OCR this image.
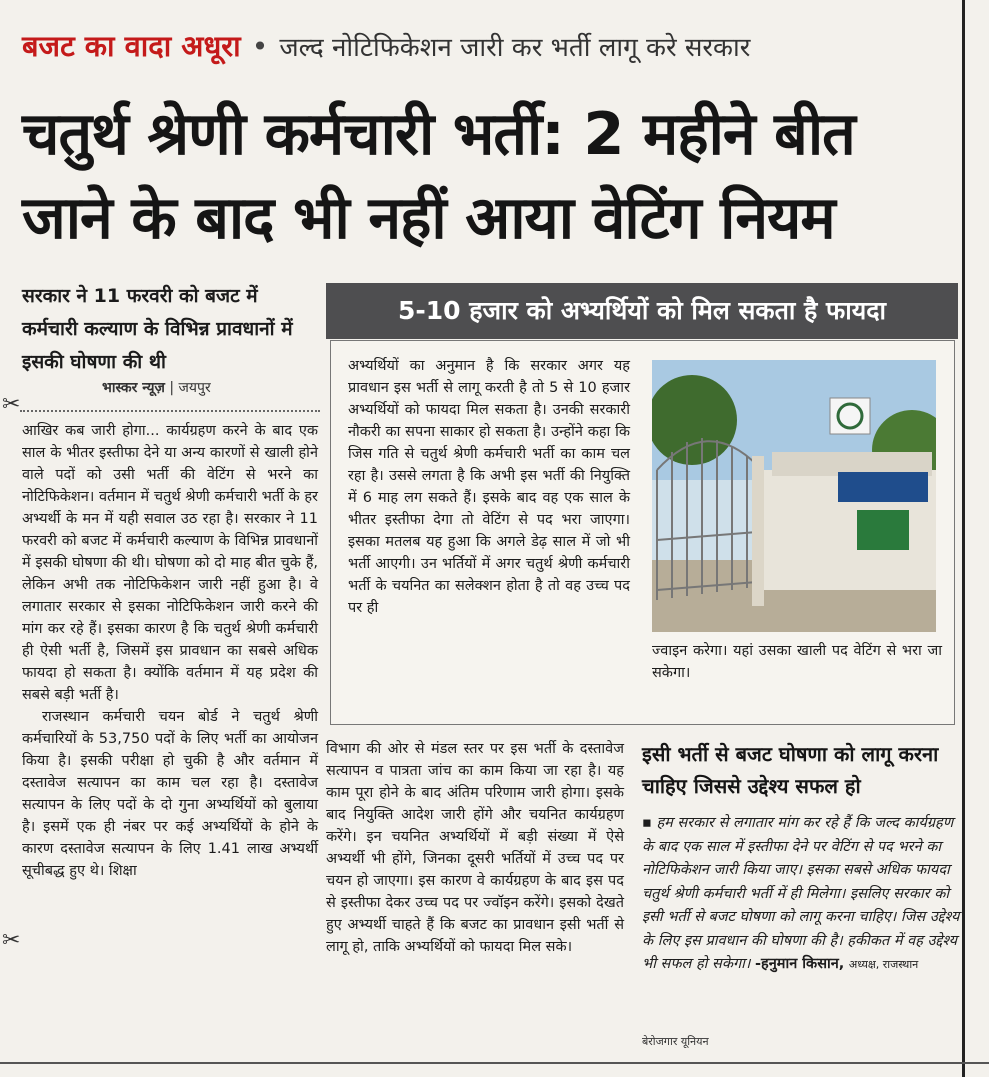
बजट का वादा अधूरा • जल्द नोटिफिकेशन जारी कर भर्ती लागू करे सरकार
चतुर्थ श्रेणी कर्मचारी भर्ती: 2 महीने बीत
जाने के बाद भी नहीं आया वेटिंग नियम
सरकार ने 11 फरवरी को बजट में कर्मचारी कल्याण के विभिन्न प्रावधानों में इसकी घोषणा की थी
भास्कर न्यूज़ | जयपुर

आखिर कब जारी होगा... कार्यग्रहण करने के बाद एक साल के भीतर इस्तीफा देने या अन्य कारणों से खाली होने वाले पदों को उसी भर्ती की वेटिंग से भरने का नोटिफिकेशन। वर्तमान में चतुर्थ श्रेणी कर्मचारी भर्ती के हर अभ्यर्थी के मन में यही सवाल उठ रहा है। सरकार ने 11 फरवरी को बजट में कर्मचारी कल्याण के विभिन्न प्रावधानों में इसकी घोषणा की थी। घोषणा को दो माह बीत चुके हैं, लेकिन अभी तक नोटिफिकेशन जारी नहीं हुआ है। वे लगातार सरकार से इसका नोटिफिकेशन जारी करने की मांग कर रहे हैं। इसका कारण है कि चतुर्थ श्रेणी कर्मचारी ही ऐसी भर्ती है, जिसमें इस प्रावधान का सबसे अधिक फायदा हो सकता है। क्योंकि वर्तमान में यह प्रदेश की सबसे बड़ी भर्ती है।

राजस्थान कर्मचारी चयन बोर्ड ने चतुर्थ श्रेणी कर्मचारियों के 53,750 पदों के लिए भर्ती का आयोजन किया है। इसकी परीक्षा हो चुकी है और वर्तमान में दस्तावेज सत्यापन का काम चल रहा है। दस्तावेज सत्यापन के लिए पदों के दो गुना अभ्यर्थियों को बुलाया है। इसमें एक ही नंबर पर कई अभ्यर्थियों के होने के कारण दस्तावेज सत्यापन के लिए 1.41 लाख अभ्यर्थी सूचीबद्ध हुए थे। शिक्षा

विभाग की ओर से मंडल स्तर पर इस भर्ती के दस्तावेज सत्यापन व पात्रता जांच का काम किया जा रहा है। यह काम पूरा होने के बाद अंतिम परिणाम जारी होगा। इसके बाद नियुक्ति आदेश जारी होंगे और चयनित कार्यग्रहण करेंगे। इन चयनित अभ्यर्थियों में बड़ी संख्या में ऐसे अभ्यर्थी भी होंगे, जिनका दूसरी भर्तियों में उच्च पद पर चयन हो जाएगा। इस कारण वे कार्यग्रहण के बाद इस पद से इस्तीफा देकर उच्च पद पर ज्वॉइन करेंगे। इसको देखते हुए अभ्यर्थी चाहते हैं कि बजट का प्रावधान इसी भर्ती से लागू हो, ताकि अभ्यर्थियों को फायदा मिल सके।

5-10 हजार को अभ्यर्थियों को मिल सकता है फायदा
अभ्यर्थियों का अनुमान है कि सरकार अगर यह प्रावधान इस भर्ती से लागू करती है तो 5 से 10 हजार अभ्यर्थियों को फायदा मिल सकता है। उनकी सरकारी नौकरी का सपना साकार हो सकता है। उन्होंने कहा कि जिस गति से चतुर्थ श्रेणी कर्मचारी भर्ती का काम चल रहा है। उससे लगता है कि अभी इस भर्ती की नियुक्ति में 6 माह लग सकते हैं। इसके बाद वह एक साल के भीतर इस्तीफा देगा तो वेटिंग से पद भरा जाएगा। इसका मतलब यह हुआ कि अगले डेढ़ साल में जो भी भर्ती आएगी। उन भर्तियों में अगर चतुर्थ श्रेणी कर्मचारी भर्ती के चयनित का सलेक्शन होता है तो वह उच्च पद पर ही
ज्वाइन करेगा। यहां उसका खाली पद वेटिंग से भरा जा सकेगा।
इसी भर्ती से बजट घोषणा को लागू करना चाहिए जिससे उद्देश्य सफल हो
▪ हम सरकार से लगातार मांग कर रहे हैं कि जल्द कार्यग्रहण के बाद एक साल में इस्तीफा देने पर वेटिंग से पद भरने का नोटिफिकेशन जारी किया जाए। इसका सबसे अधिक फायदा चतुर्थ श्रेणी कर्मचारी भर्ती में ही मिलेगा। इसलिए सरकार को इसी भर्ती से बजट घोषणा को लागू करना चाहिए। जिस उद्देश्य के लिए इस प्रावधान की घोषणा की है। हकीकत में वह उद्देश्य भी सफल हो सकेगा। -हनुमान किसान, अध्यक्ष, राजस्थान
बेरोजगार यूनियन
✂
✂
